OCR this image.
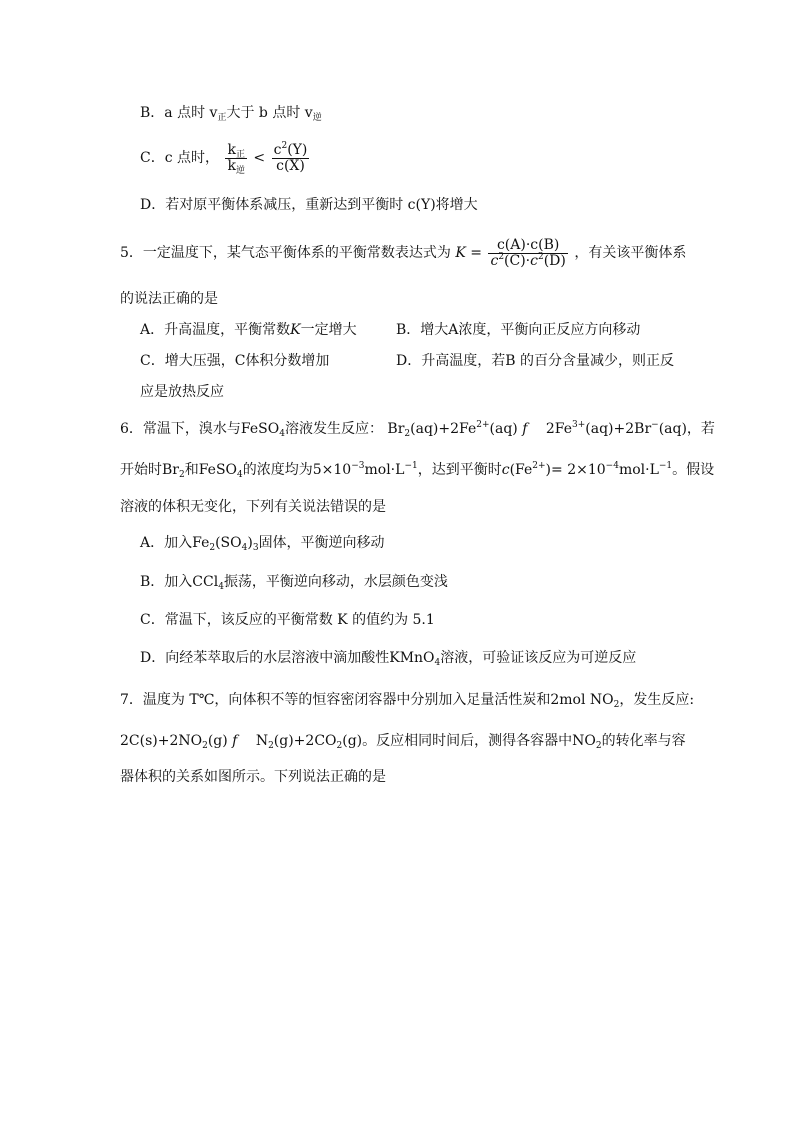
B．a 点时 $v_正$大于 b 点时 $v_逆$
C．c 点时， $\frac{k_正}{k_逆} < \frac{c^2(Y)}{c(X)}$
D．若对原平衡体系减压，重新达到平衡时 c(Y)将增大
5．一定温度下，某气态平衡体系的平衡常数表达式为 $K = \frac{c(A)\cdot c(B)}{c^2(C)\cdot c^2(D)}$ ，有关该平衡体系
的说法正确的是
A．升高温度，平衡常数K一定增大	B．增大A浓度，平衡向正反应方向移动
C．增大压强，C体积分数增加	D．升高温度，若B 的百分含量减少，则正反
应是放热反应
6．常温下，溴水与FeSO$_4$溶液发生反应： $Br_2(aq)+2Fe^{2+}(aq)$ f $2Fe^{3+}(aq)+2Br^-(aq)$，若
开始时$Br_2$和FeSO$_4$的浓度均为$5\times 10^{-3}mol\cdot L^{-1}$，达到平衡时$c(Fe^{2+})= 2\times 10^{-4}mol\cdot L^{-1}$。假设
溶液的体积无变化，下列有关说法错误的是
A．加入$Fe_2(SO_4)_3$固体，平衡逆向移动
B．加入CCl$_4$振荡，平衡逆向移动，水层颜色变浅
C．常温下，该反应的平衡常数 K 的值约为 5.1
D．向经苯萃取后的水层溶液中滴加酸性KMnO$_4$溶液，可验证该反应为可逆反应
7．温度为 T℃，向体积不等的恒容密闭容器中分别加入足量活性炭和2mol $NO_2$，发生反应:
$2C(s)+2NO_2(g)$ f $N_2(g)+2CO_2(g)$。反应相同时间后，测得各容器中$NO_2$的转化率与容
器体积的关系如图所示。下列说法正确的是
